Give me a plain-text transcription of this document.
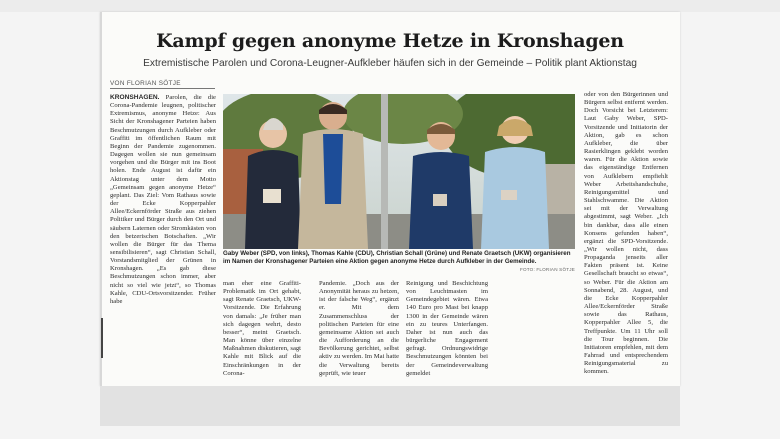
Kampf gegen anonyme Hetze in Kronshagen
Extremistische Parolen und Corona-Leugner-Aufkleber häufen sich in der Gemeinde – Politik plant Aktionstag
VON FLORIAN SÖTJE
KRONSHAGEN. Parolen, die die Corona-Pandemie leugnen, politischer Extremismus, anonyme Hetze: Aus Sicht der Kronshagener Parteien haben Beschmutzungen durch Aufkleber oder Graffiti im öffentlichen Raum mit Beginn der Pandemie zugenommen. Dagegen wollen sie nun gemeinsam vorgehen und die Bürger mit ins Boot holen. Ende August ist dafür ein Aktionstag unter dem Motto „Gemeinsam gegen anonyme Hetze“ geplant. Das Ziel: Vom Rathaus sowie der Ecke Kopperpahler Allee/Eckernförder Straße aus ziehen Politiker und Bürger durch den Ort und säubern Laternen oder Stromkästen von den betzerischen Botschaften. „Wir wollen die Bürger für das Thema sensibilisieren“, sagt Christian Schall, Vorstandsmitglied der Grünen in Kronshagen. „Es gab diese Beschmutzungen schon immer, aber nicht so viel wie jetzt“, so Thomas Kahle, CDU-Ortsvorsitzender. Früher habe
Gaby Weber (SPD, von links), Thomas Kahle (CDU), Christian Schall (Grüne) und Renate Graetsch (UKW) organisieren im Namen der Kronshagener Parteien eine Aktion gegen anonyme Hetze durch Aufkleber in der Gemeinde.
FOTO: FLORIAN SÖTJE
man eher eine Graffiti-Problematik im Ort gehabt, sagt Renate Graetsch, UKW-Vorsitzende. Die Erfahrung von damals: „Je früher man sich dagegen wehrt, desto besser“, meint Graetsch. Man könne über einzelne Maßnahmen diskutieren, sagt Kahle mit Blick auf die Einschränkungen in der Corona-
Pandemie. „Doch aus der Anonymität heraus zu hetzen, ist der falsche Weg“, ergänzt er. Mit dem Zusammenschluss der politischen Parteien für eine gemeinsame Aktion sei auch die Aufforderung an die Bevölkerung gerichtet, selbst aktiv zu werden. Im Mai hatte die Verwaltung bereits geprüft, wie teuer
Reinigung und Beschichtung von Leuchtmasten im Gemeindegebiet wären. Etwa 140 Euro pro Mast bei knapp 1300 in der Gemeinde wären ein zu teures Unterfangen. Daher ist nun auch das bürgerliche Engagement gefragt. Ordnungswidrige Beschmutzungen könnten bei der Gemeindeverwaltung gemeldet
oder von den Bürgerinnen und Bürgern selbst entfernt werden. Doch Vorsicht bei Letzterem: Laut Gaby Weber, SPD-Vorsitzende und Initiatorin der Aktion, gab es schon Aufkleber, die über Rasierklingen geklebt worden waren. Für die Aktion sowie das eigenständige Entfernen von Aufklebern empfiehlt Weber Arbeitshandschuhe, Reinigungsmittel und Stahlschwamme. Die Aktion sei mit der Verwaltung abgestimmt, sagt Weber. „Ich bin dankbar, dass alle einen Konsens gefunden haben“, ergänzt die SPD-Vorsitzende. „Wir wollen nicht, dass Propaganda jenseits aller Fakten präsent ist. Keine Gesellschaft braucht so etwas“, so Weber. Für die Aktion am Sonnabend, 28. August, und die Ecke Kopperpahler Allee/Eckernförder Straße sowie das Rathaus, Kopperpahler Allee 5, die Treffpunkte. Um 11 Uhr soll die Tour beginnen. Die Initiatoren empfehlen, mit dem Fahrrad und entsprechendem Reinigungsmaterial zu kommen.
